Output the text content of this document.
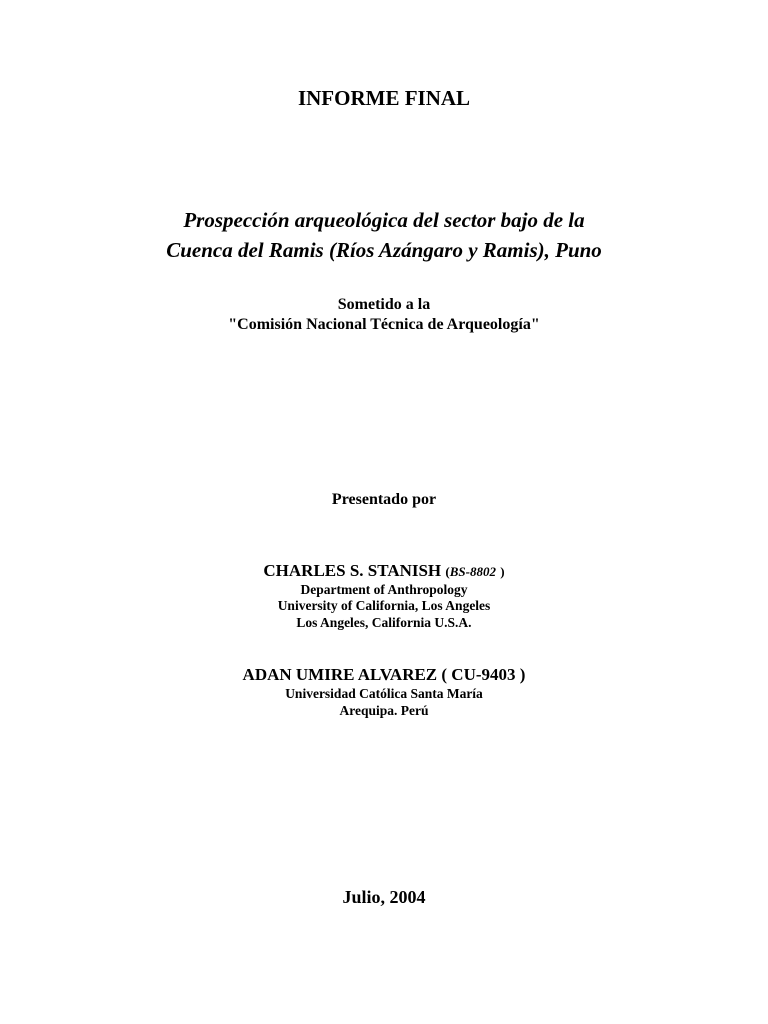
INFORME FINAL
Prospección arqueológica del sector bajo de la
Cuenca del Ramis (Ríos Azángaro y Ramis), Puno
Sometido a la
"Comisión Nacional Técnica de Arqueología"
Presentado por
CHARLES S. STANISH (BS-8802 )
Department of Anthropology
University of California, Los Angeles
Los Angeles, California U.S.A.
ADAN UMIRE ALVAREZ ( CU-9403 )
Universidad Católica Santa María
Arequipa. Perú
Julio, 2004
